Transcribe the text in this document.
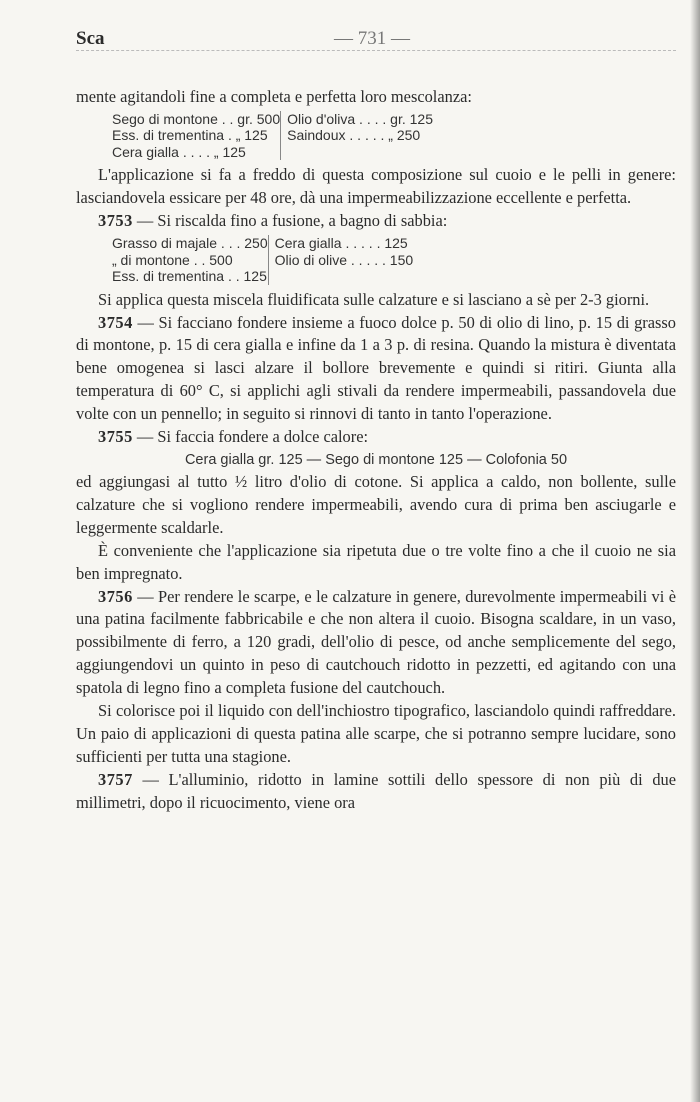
Sca	— 731 —

mente agitandoli fine a completa e perfetta loro mescolanza:

Sego di montone . . gr. 500	Olio d'oliva . . . . gr. 125
Ess. di trementina . „ 125	Saindoux . . . . . „ 250
Cera gialla . . . . „ 125	

L'applicazione si fa a freddo di questa composizione sul cuoio e le pelli in genere: lasciandovela essicare per 48 ore, dà una impermeabilizzazione eccellente e perfetta.

3753 — Si riscalda fino a fusione, a bagno di sabbia:

Grasso di majale . . . 250	Cera gialla . . . . . 125
„ di montone . . 500	Olio di olive . . . . . 150
Ess. di trementina . . 125	

Si applica questa miscela fluidificata sulle calzature e si lasciano a sè per 2-3 giorni.

3754 — Si facciano fondere insieme a fuoco dolce p. 50 di olio di lino, p. 15 di grasso di montone, p. 15 di cera gialla e infine da 1 a 3 p. di resina. Quando la mistura è diventata bene omogenea si lasci alzare il bollore brevemente e quindi si ritiri. Giunta alla temperatura di 60° C, si applichi agli stivali da rendere impermeabili, passandovela due volte con un pennello; in seguito si rinnovi di tanto in tanto l'operazione.

3755 — Si faccia fondere a dolce calore:

Cera gialla gr. 125 — Sego di montone 125 — Colofonia 50

ed aggiungasi al tutto ½ litro d'olio di cotone. Si applica a caldo, non bollente, sulle calzature che si vogliono rendere impermeabili, avendo cura di prima ben asciugarle e leggermente scaldarle.

È conveniente che l'applicazione sia ripetuta due o tre volte fino a che il cuoio ne sia ben impregnato.

3756 — Per rendere le scarpe, e le calzature in genere, durevolmente impermeabili vi è una patina facilmente fabbricabile e che non altera il cuoio. Bisogna scaldare, in un vaso, possibilmente di ferro, a 120 gradi, dell'olio di pesce, od anche semplicemente del sego, aggiungendovi un quinto in peso di cautchouch ridotto in pezzetti, ed agitando con una spatola di legno fino a completa fusione del cautchouch.

Si colorisce poi il liquido con dell'inchiostro tipografico, lasciandolo quindi raffreddare. Un paio di applicazioni di questa patina alle scarpe, che si potranno sempre lucidare, sono sufficienti per tutta una stagione.

3757 — L'alluminio, ridotto in lamine sottili dello spessore di non più di due millimetri, dopo il ricuocimento, viene ora
